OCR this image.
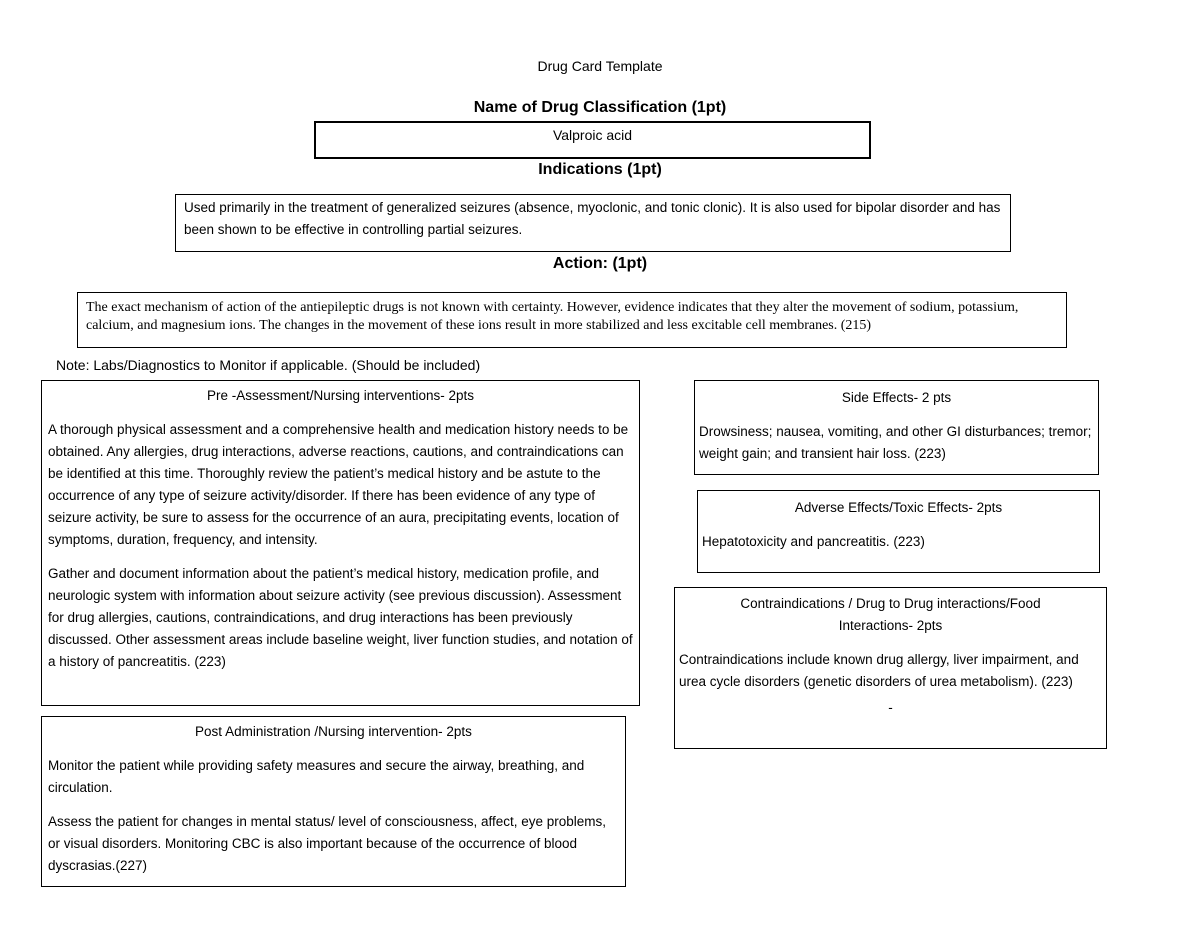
Drug Card Template
Name of Drug Classification (1pt)
Valproic acid
Indications (1pt)

Used primarily in the treatment of generalized seizures (absence, myoclonic, and tonic clonic). It is also used for bipolar disorder and has been shown to be effective in controlling partial seizures.

Action: (1pt)

The exact mechanism of action of the antiepileptic drugs is not known with certainty. However, evidence indicates that they alter the movement of sodium, potassium, calcium, and magnesium ions. The changes in the movement of these ions result in more stabilized and less excitable cell membranes. (215)

Note: Labs/Diagnostics to Monitor if applicable. (Should be included)
Pre -Assessment/Nursing interventions- 2pts

A thorough physical assessment and a comprehensive health and medication history needs to be obtained. Any allergies, drug interactions, adverse reactions, cautions, and contraindications can be identified at this time. Thoroughly review the patient’s medical history and be astute to the occurrence of any type of seizure activity/disorder. If there has been evidence of any type of seizure activity, be sure to assess for the occurrence of an aura, precipitating events, location of symptoms, duration, frequency, and intensity.

Gather and document information about the patient’s medical history, medication profile, and neurologic system with information about seizure activity (see previous discussion). Assessment for drug allergies, cautions, contraindications, and drug interactions has been previously discussed. Other assessment areas include baseline weight, liver function studies, and notation of a history of pancreatitis. (223)

Post Administration /Nursing intervention- 2pts

Monitor the patient while providing safety measures and secure the airway, breathing, and circulation.

Assess the patient for changes in mental status/ level of consciousness, affect, eye problems, or visual disorders. Monitoring CBC is also important because of the occurrence of blood dyscrasias.(227)

Side Effects- 2 pts

Drowsiness; nausea, vomiting, and other GI disturbances; tremor; weight gain; and transient hair loss. (223)

Adverse Effects/Toxic Effects- 2pts

Hepatotoxicity and pancreatitis. (223)

Contraindications / Drug to Drug interactions/Food Interactions- 2pts

Contraindications include known drug allergy, liver impairment, and urea cycle disorders (genetic disorders of urea metabolism). (223)

-
